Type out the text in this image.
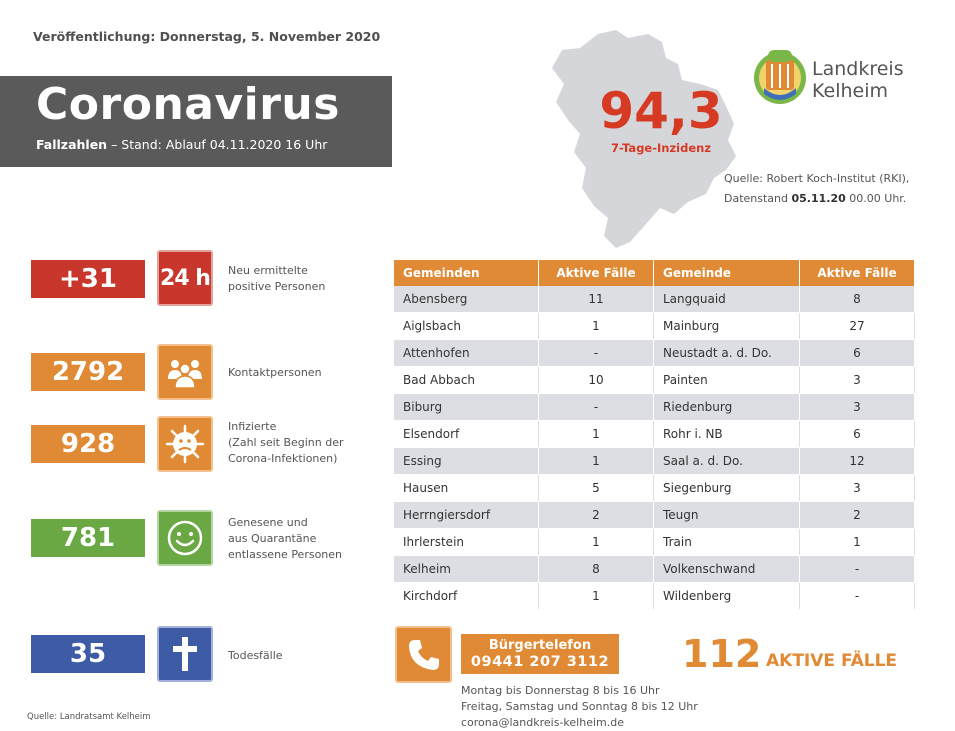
Veröffentlichung: Donnerstag, 5. November 2020
Coronavirus
Fallzahlen – Stand: Ablauf 04.11.2020 16 Uhr
94,3
7-Tage-Inzidenz
Landkreis
Kelheim
Quelle: Robert Koch-Institut (RKI),
Datenstand 05.11.20 00.00 Uhr.
+31	24 h Neu ermittelte
positive Personen
2792	Kontaktpersonen
928
Infizierte
(Zahl seit Beginn der
Corona-Infektionen)
781
Genesene und
aus Quarantäne
entlassene Personen
35	Todesfälle
Quelle: Landratsamt Kelheim
Gemeinden	Aktive Fälle	Gemeinde	Aktive Fälle
Abensberg	11	Langquaid	8
Aiglsbach	1	Mainburg	27
Attenhofen	-	Neustadt a. d. Do.	6
Bad Abbach	10	Painten	3
Biburg	-	Riedenburg	3
Elsendorf	1	Rohr i. NB	6
Essing	1	Saal a. d. Do.	12
Hausen	5	Siegenburg	3
Herrngiersdorf	2	Teugn	2
Ihrlerstein	1	Train	1
Kelheim	8	Volkenschwand	-
Kirchdorf	1	Wildenberg	-
Bürgertelefon
09441 207 3112
Montag bis Donnerstag 8 bis 16 Uhr
Freitag, Samstag und Sonntag 8 bis 12 Uhr
corona@landkreis-kelheim.de
112 AKTIVE FÄLLE
